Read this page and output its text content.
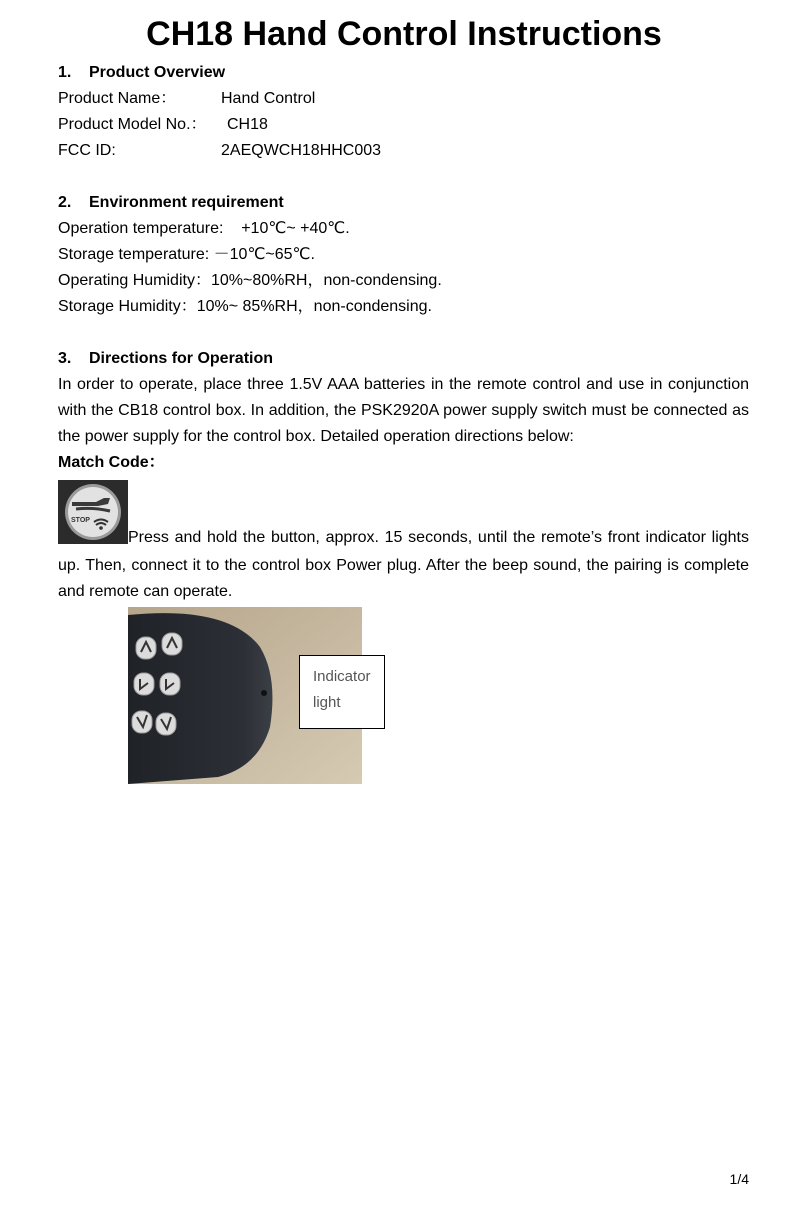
CH18 Hand Control Instructions
1. Product Overview
Product Name：	Hand Control
Product Model No.： CH18
FCC ID:	2AEQWCH18HHC003
2. Environment requirement
Operation temperature:    +10℃~ +40℃.
Storage temperature: －10℃~65℃.
Operating Humidity：10%~80%RH，non-condensing.
Storage Humidity：10%~ 85%RH，non-condensing.
3. Directions for Operation
In order to operate, place three 1.5V AAA batteries in the remote control and use in conjunction with the CB18 control box. In addition, the PSK2920A power supply switch must be connected as the power supply for the control box. Detailed operation directions below:
Match Code：
STOP
Press and hold the button, approx. 15 seconds, until the remote’s front indicator lights
up. Then, connect it to the control box Power plug. After the beep sound, the pairing is complete and remote can operate.
Indicator
light
1/4
